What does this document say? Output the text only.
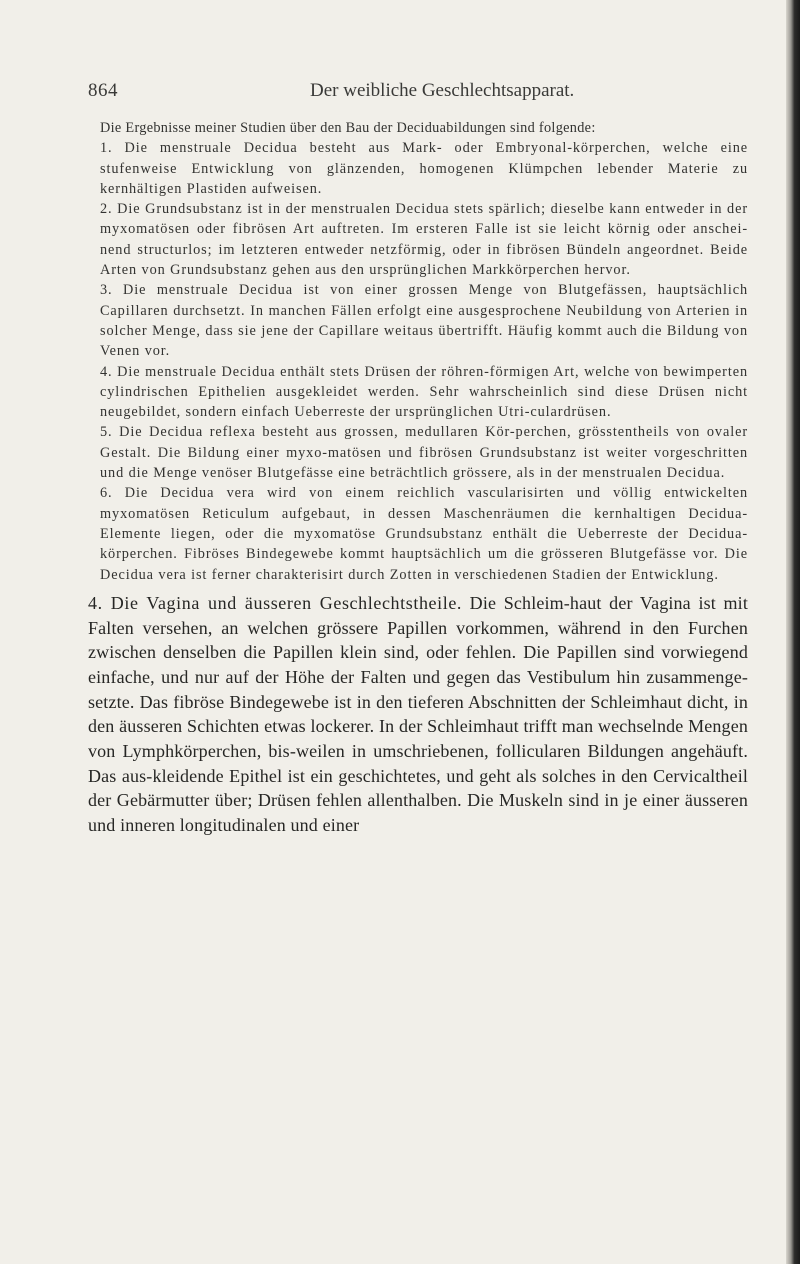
864	Der weibliche Geschlechtsapparat.

Die Ergebnisse meiner Studien über den Bau der Deciduabildungen sind folgende:

1. Die menstruale Decidua besteht aus Mark- oder Embryonal-körperchen, welche eine stufenweise Entwicklung von glänzenden, homogenen Klümpchen lebender Materie zu kernhältigen Plastiden aufweisen.

2. Die Grundsubstanz ist in der menstrualen Decidua stets spärlich; dieselbe kann entweder in der myxomatösen oder fibrösen Art auftreten. Im ersteren Falle ist sie leicht körnig oder anschei-nend structurlos; im letzteren entweder netzförmig, oder in fibrösen Bündeln angeordnet. Beide Arten von Grundsubstanz gehen aus den ursprünglichen Markkörperchen hervor.

3. Die menstruale Decidua ist von einer grossen Menge von Blutgefässen, hauptsächlich Capillaren durchsetzt. In manchen Fällen erfolgt eine ausgesprochene Neubildung von Arterien in solcher Menge, dass sie jene der Capillare weitaus übertrifft. Häufig kommt auch die Bildung von Venen vor.

4. Die menstruale Decidua enthält stets Drüsen der röhren-förmigen Art, welche von bewimperten cylindrischen Epithelien ausgekleidet werden. Sehr wahrscheinlich sind diese Drüsen nicht neugebildet, sondern einfach Ueberreste der ursprünglichen Utri-culardrüsen.

5. Die Decidua reflexa besteht aus grossen, medullaren Kör-perchen, grösstentheils von ovaler Gestalt. Die Bildung einer myxo-matösen und fibrösen Grundsubstanz ist weiter vorgeschritten und die Menge venöser Blutgefässe eine beträchtlich grössere, als in der menstrualen Decidua.

6. Die Decidua vera wird von einem reichlich vascularisirten und völlig entwickelten myxomatösen Reticulum aufgebaut, in dessen Maschenräumen die kernhaltigen Decidua-Elemente liegen, oder die myxomatöse Grundsubstanz enthält die Ueberreste der Decidua-körperchen. Fibröses Bindegewebe kommt hauptsächlich um die grösseren Blutgefässe vor. Die Decidua vera ist ferner charakterisirt durch Zotten in verschiedenen Stadien der Entwicklung.

4. Die Vagina und äusseren Geschlechtstheile. Die Schleim-haut der Vagina ist mit Falten versehen, an welchen grössere Papillen vorkommen, während in den Furchen zwischen denselben die Papillen klein sind, oder fehlen. Die Papillen sind vorwiegend einfache, und nur auf der Höhe der Falten und gegen das Vestibulum hin zusammenge-setzte. Das fibröse Bindegewebe ist in den tieferen Abschnitten der Schleimhaut dicht, in den äusseren Schichten etwas lockerer. In der Schleimhaut trifft man wechselnde Mengen von Lymphkörperchen, bis-weilen in umschriebenen, follicularen Bildungen angehäuft. Das aus-kleidende Epithel ist ein geschichtetes, und geht als solches in den Cervicaltheil der Gebärmutter über; Drüsen fehlen allenthalben. Die Muskeln sind in je einer äusseren und inneren longitudinalen und einer
